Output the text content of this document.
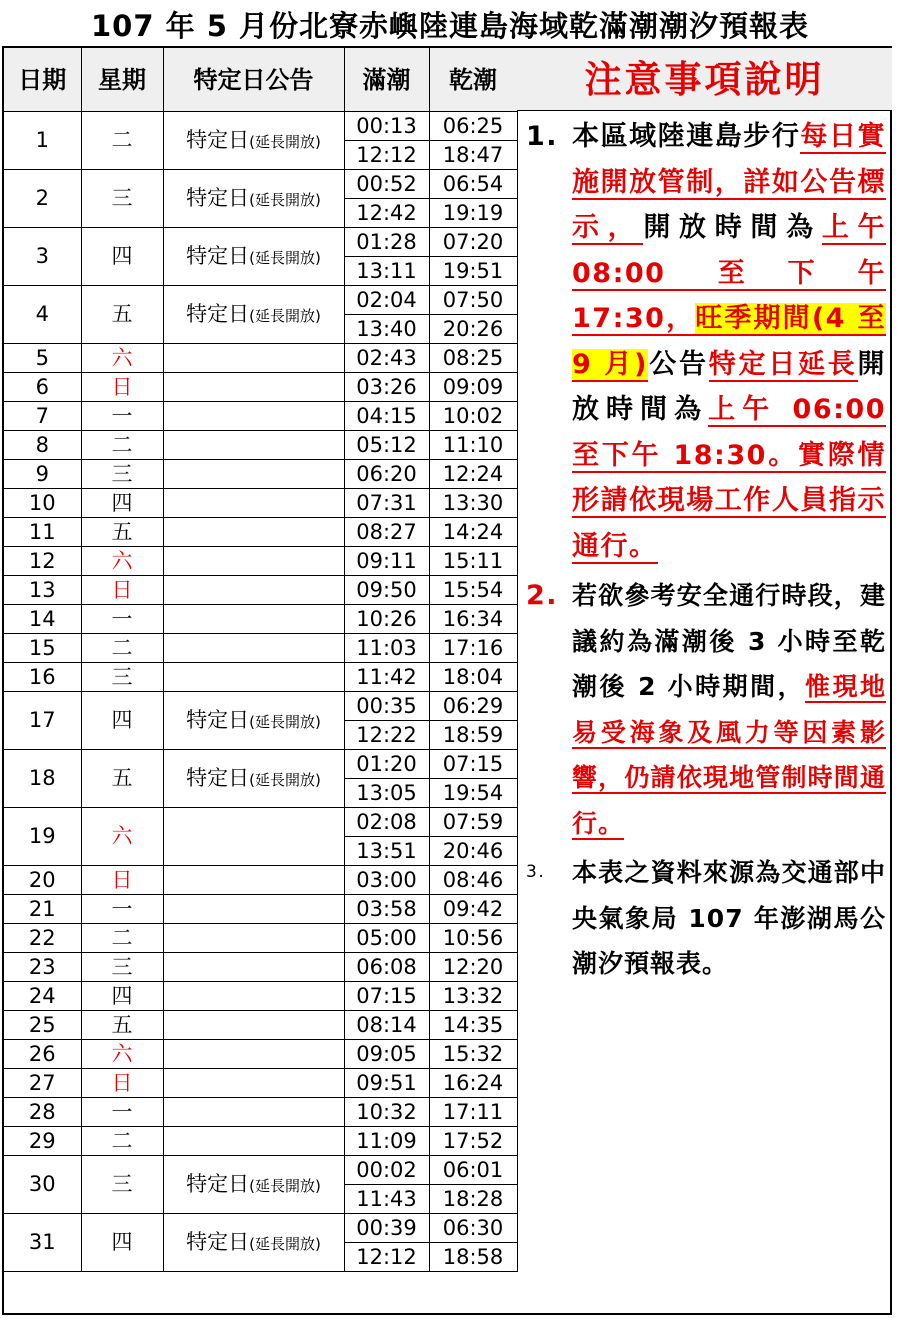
107 年 5 月份北寮赤嶼陸連島海域乾滿潮潮汐預報表
日期	星期	特定日公告	滿潮	乾潮
1	二	特定日(延長開放)	00:13	06:25
			12:12	18:47
2	三	特定日(延長開放)	00:52	06:54
			12:42	19:19
3	四	特定日(延長開放)	01:28	07:20
			13:11	19:51
4	五	特定日(延長開放)	02:04	07:50
			13:40	20:26
5	六		02:43	08:25
6	日		03:26	09:09
7	一		04:15	10:02
8	二		05:12	11:10
9	三		06:20	12:24
10	四		07:31	13:30
11	五		08:27	14:24
12	六		09:11	15:11
13	日		09:50	15:54
14	一		10:26	16:34
15	二		11:03	17:16
16	三		11:42	18:04
17	四	特定日(延長開放)	00:35	06:29
			12:22	18:59
18	五	特定日(延長開放)	01:20	07:15
			13:05	19:54
19	六		02:08	07:59
			13:51	20:46
20	日		03:00	08:46
21	一		03:58	09:42
22	二		05:00	10:56
23	三		06:08	12:20
24	四		07:15	13:32
25	五		08:14	14:35
26	六		09:05	15:32
27	日		09:51	16:24
28	一		10:32	17:11
29	二		11:09	17:52
30	三	特定日(延長開放)	00:02	06:01
			11:43	18:28
31	四	特定日(延長開放)	00:39	06:30
			12:12	18:58
注意事項說明
1. 本區域陸連島步行每日實施開放管制，詳如公告標示，開放時間為上午 08:00 至下午 17:30，旺季期間(4 至 9 月)公告特定日延長開放時間為上午 06:00 至下午 18:30。實際情形請依現場工作人員指示通行。
2. 若欲參考安全通行時段，建議約為滿潮後 3 小時至乾潮後 2 小時期間，惟現地易受海象及風力等因素影響，仍請依現地管制時間通行。
3. 本表之資料來源為交通部中央氣象局 107 年澎湖馬公潮汐預報表。
